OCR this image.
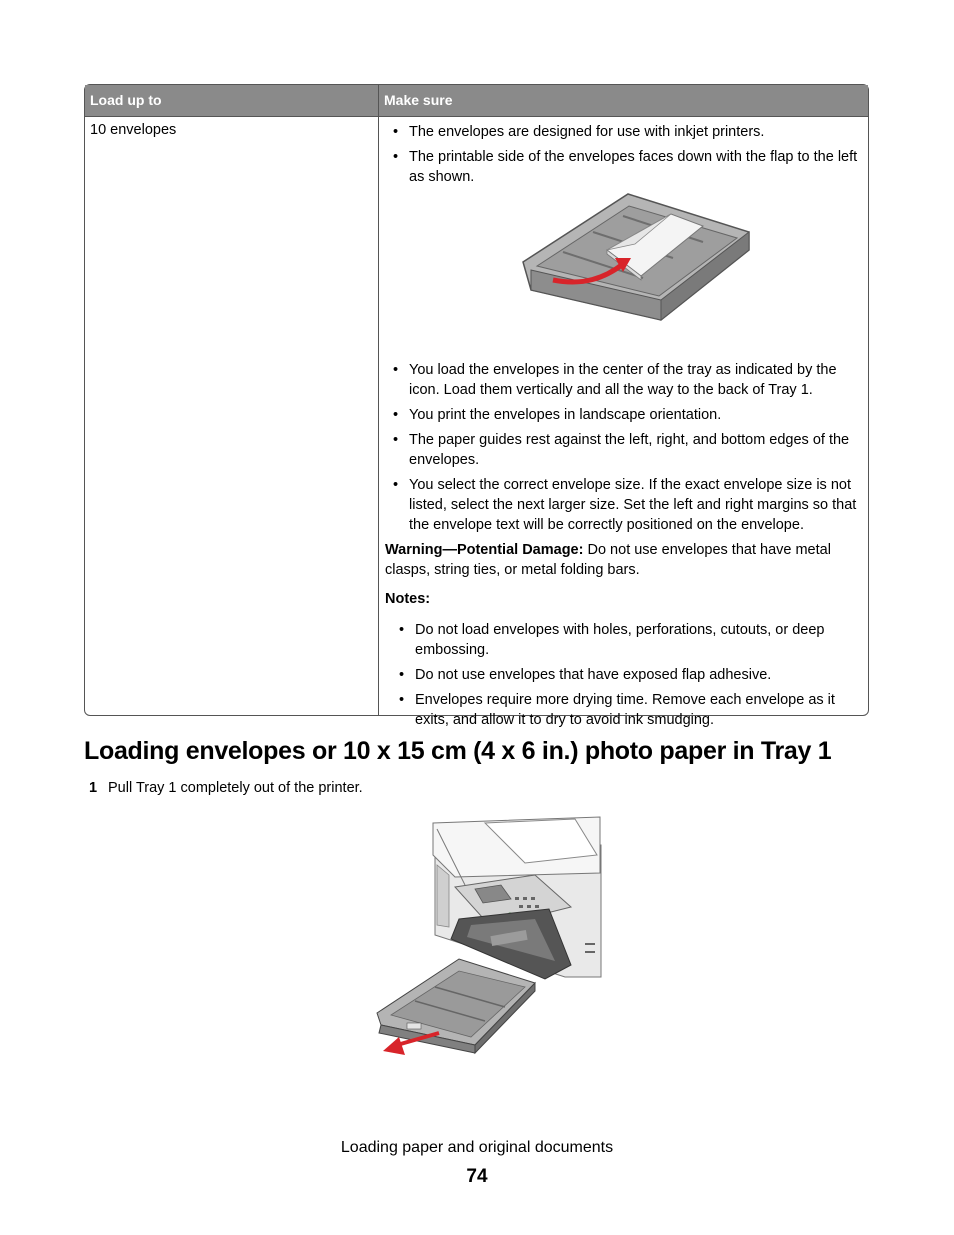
Load up to	Make sure
10 envelopes
•	The envelopes are designed for use with inkjet printers.
• The printable side of the envelopes faces down with the flap to the left as shown.
• You load the envelopes in the center of the tray as indicated by the icon. Load them vertically and all the way to the back of Tray 1.
• You print the envelopes in landscape orientation.
• The paper guides rest against the left, right, and bottom edges of the envelopes.
• You select the correct envelope size. If the exact envelope size is not listed, select the next larger size. Set the left and right margins so that the envelope text will be correctly positioned on the envelope.

Warning—Potential Damage: Do not use envelopes that have metal clasps, string ties, or metal folding bars.

Notes:

• Do not load envelopes with holes, perforations, cutouts, or deep embossing.
• Do not use envelopes that have exposed flap adhesive.
• Envelopes require more drying time. Remove each envelope as it exits, and allow it to dry to avoid ink smudging.
Loading envelopes or 10 x 15 cm (4 x 6 in.) photo paper in Tray 1
1 Pull Tray 1 completely out of the printer.
Loading paper and original documents
74
